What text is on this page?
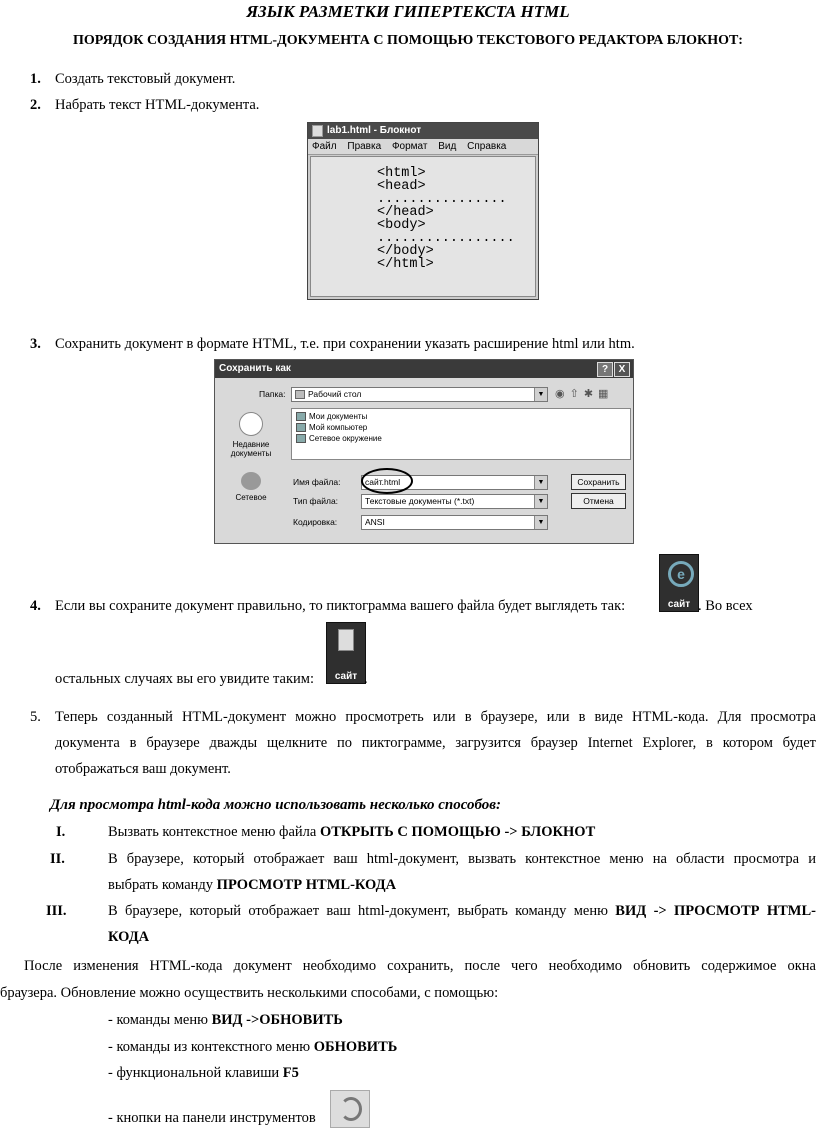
ЯЗЫК РАЗМЕТКИ ГИПЕРТЕКСТА HTML
ПОРЯДОК СОЗДАНИЯ HTML-ДОКУМЕНТА С ПОМОЩЬЮ ТЕКСТОВОГО РЕДАКТОРА БЛОКНОТ:
1. Создать текстовый документ.
2. Набрать текст HTML-документа.
lab1.html - Блокнот
Файл Правка Формат Вид Справка
<html>
<head>
................
</head>
<body>
.................
</body>
</html>
3. Сохранить документ в формате HTML, т.е. при сохранении указать расширение html или htm.
Сохранить как	?	X
Папка:	Рабочий стол	▼ ◉⇧✱▦
Недавние документы
Сетевое
Мои документы
Мой компьютер
Сетевое окружение
Имя файла:	сайт.html	▼
Тип файла:	Текстовые документы (*.txt)	▼
Кодировка:	ANSI	▼
Сохранить
Отмена
4. Если вы сохраните документ правильно, то пиктограмма вашего файла будет выглядеть так:
e
сайт . Во всех
остальных случаях вы его увидите таким:	сайт .
5. Теперь созданный HTML-документ можно просмотреть или в браузере, или в виде HTML-кода. Для просмотра
документа в браузере дважды щелкните по пиктограмме, загрузится браузер Internet Explorer, в котором будет
отображаться ваш документ.
Для просмотра html-кода можно использовать несколько способов:
I.	Вызвать контекстное меню файла ОТКРЫТЬ С ПОМОЩЬЮ -> БЛОКНОТ
II.	В браузере, который отображает ваш html-документ, вызвать контекстное меню на области просмотра и
выбрать команду ПРОСМОТР HTML-КОДА
III.	В браузере, который отображает ваш html-документ, выбрать команду меню ВИД -> ПРОСМОТР HTML-
КОДА
После изменения HTML-кода документ необходимо сохранить, после чего необходимо обновить содержимое окна
браузера. Обновление можно осуществить несколькими способами, с помощью:
- команды меню ВИД ->ОБНОВИТЬ
- команды из контекстного меню ОБНОВИТЬ
- функциональной клавиши F5
- кнопки на панели инструментов
